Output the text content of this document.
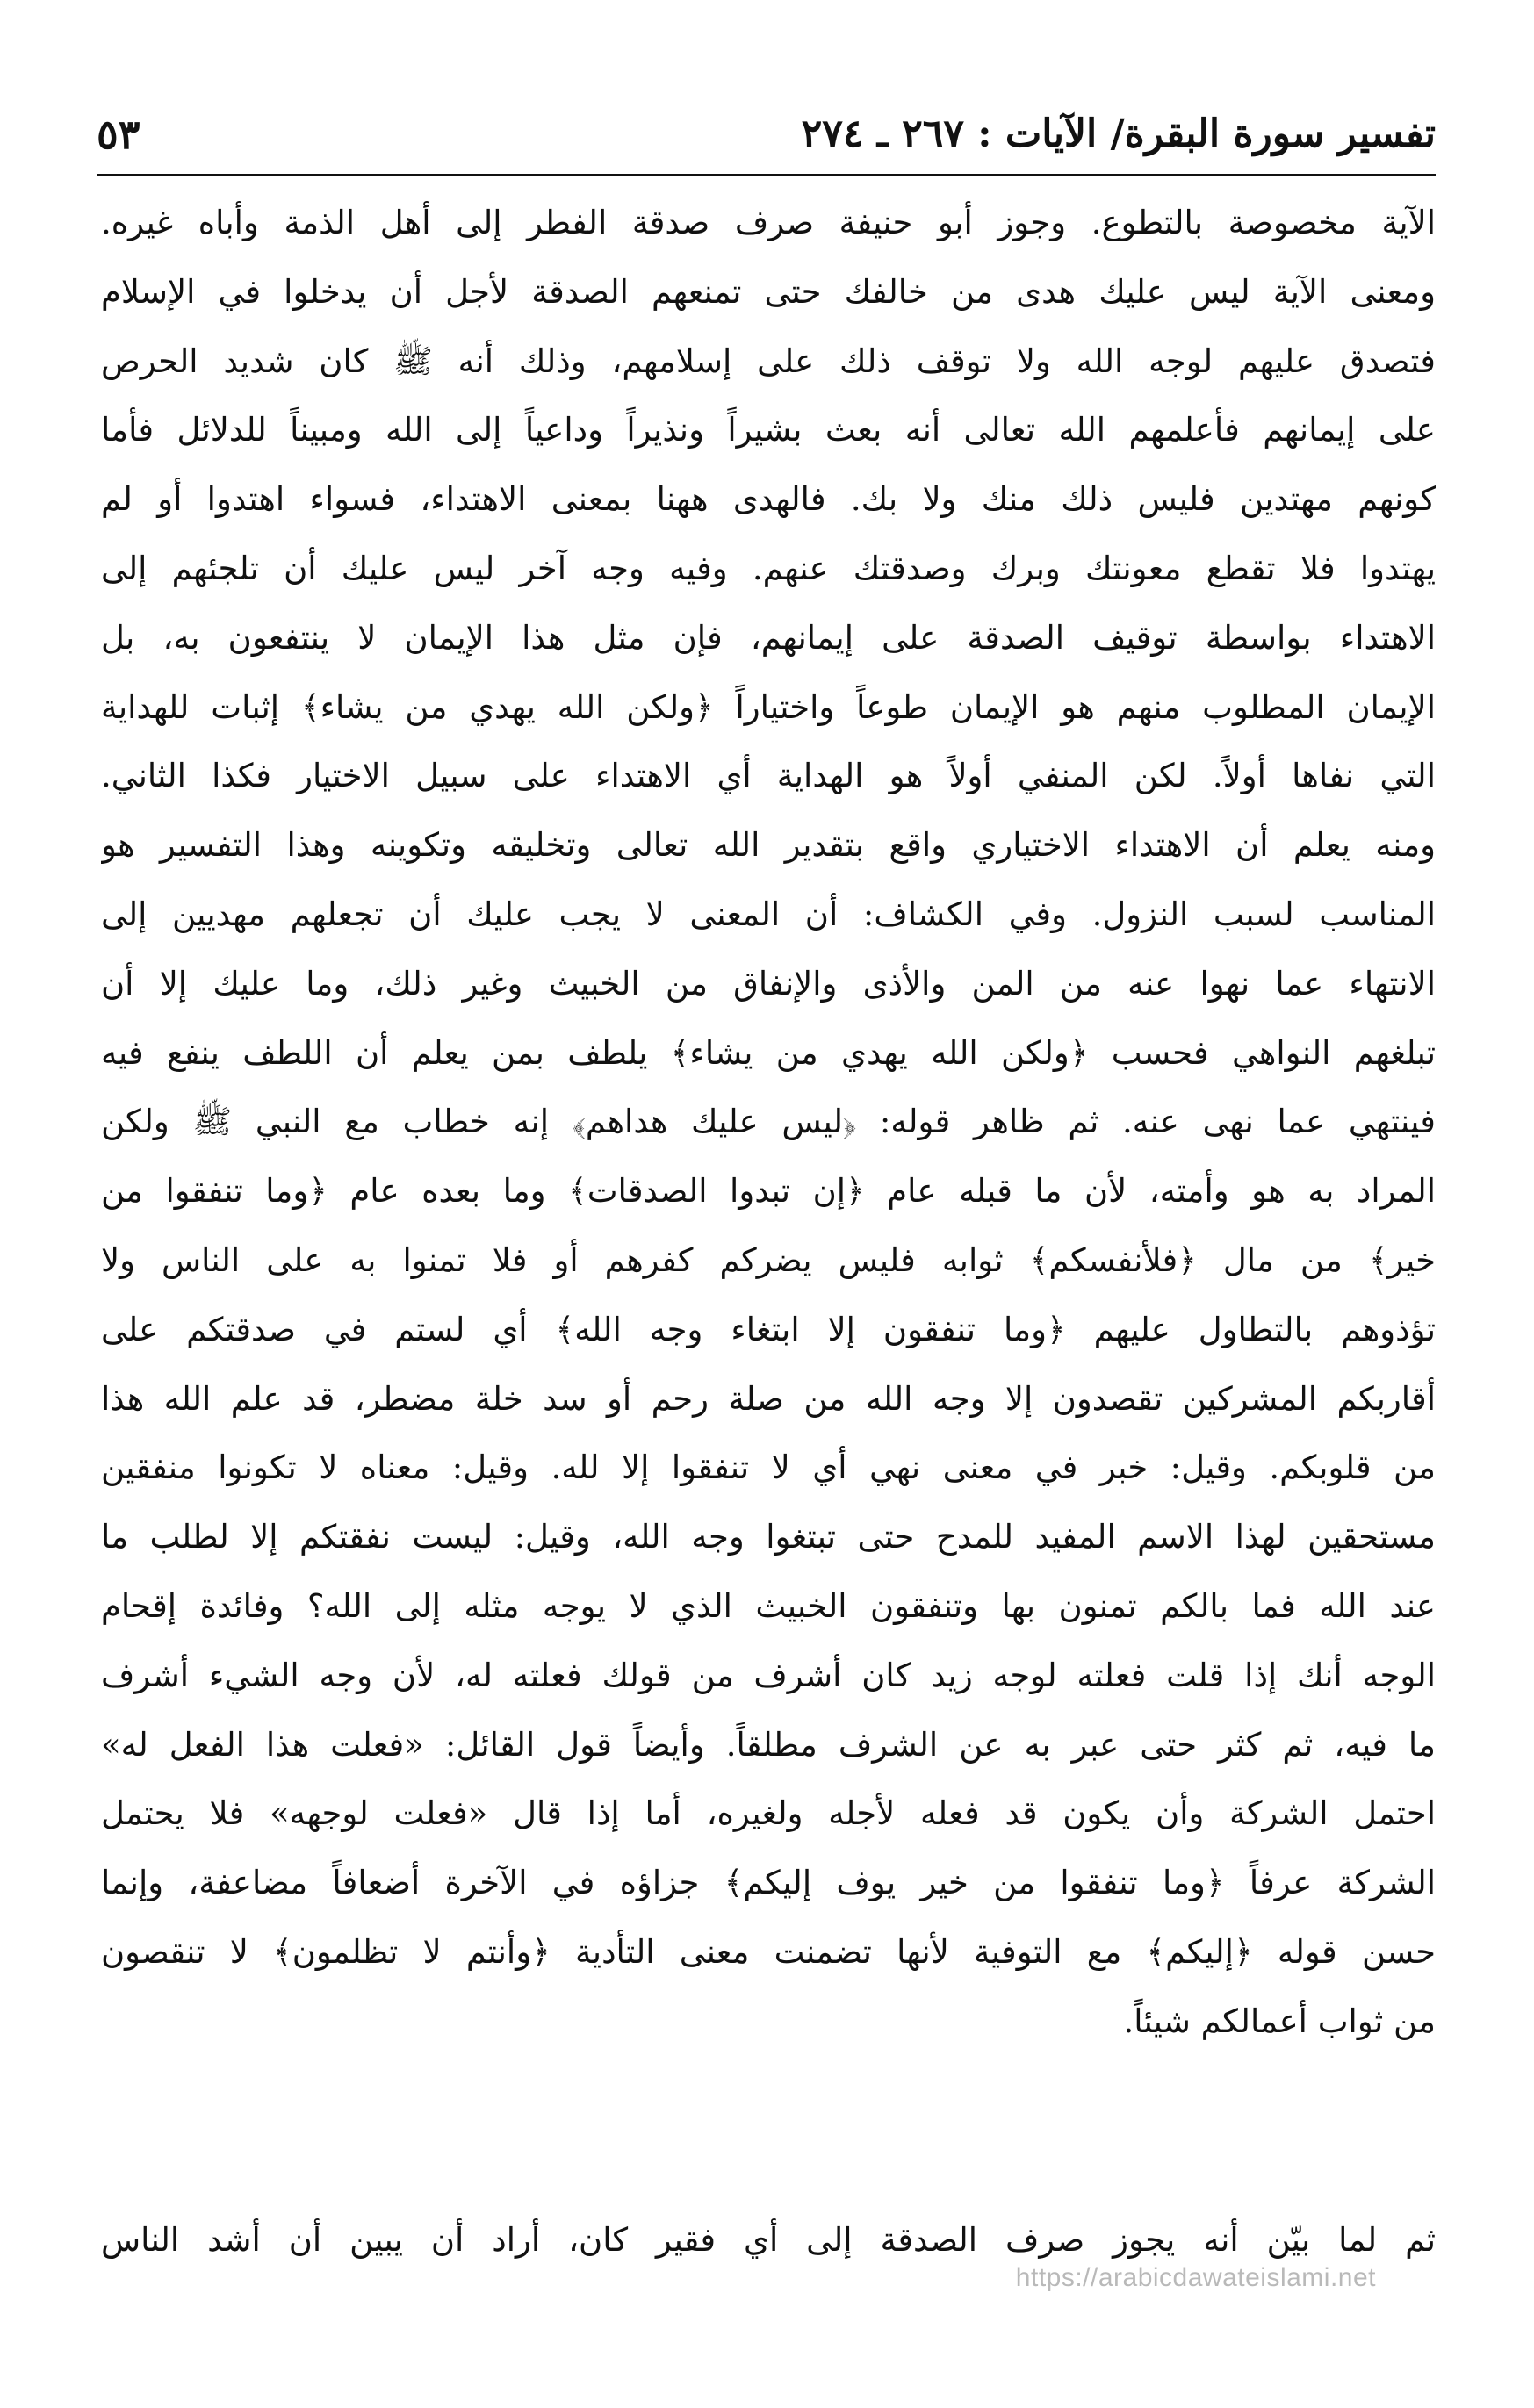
تفسير سورة البقرة/ الآيات : ٢٦٧ ـ ٢٧٤
٥٣
الآية مخصوصة بالتطوع. وجوز أبو حنيفة صرف صدقة الفطر إلى أهل الذمة وأباه غيره.
ومعنى الآية ليس عليك هدى من خالفك حتى تمنعهم الصدقة لأجل أن يدخلوا في الإسلام
فتصدق عليهم لوجه الله ولا توقف ذلك على إسلامهم، وذلك أنه ﷺ كان شديد الحرص
على إيمانهم فأعلمهم الله تعالى أنه بعث بشيراً ونذيراً وداعياً إلى الله ومبيناً للدلائل فأما
كونهم مهتدين فليس ذلك منك ولا بك. فالهدى ههنا بمعنى الاهتداء، فسواء اهتدوا أو لم
يهتدوا فلا تقطع معونتك وبرك وصدقتك عنهم. وفيه وجه آخر ليس عليك أن تلجئهم إلى
الاهتداء بواسطة توقيف الصدقة على إيمانهم، فإن مثل هذا الإيمان لا ينتفعون به، بل
الإيمان المطلوب منهم هو الإيمان طوعاً واختياراً ﴿ولكن الله يهدي من يشاء﴾ إثبات للهداية
التي نفاها أولاً. لكن المنفي أولاً هو الهداية أي الاهتداء على سبيل الاختيار فكذا الثاني.
ومنه يعلم أن الاهتداء الاختياري واقع بتقدير الله تعالى وتخليقه وتكوينه وهذا التفسير هو
المناسب لسبب النزول. وفي الكشاف: أن المعنى لا يجب عليك أن تجعلهم مهديين إلى
الانتهاء عما نهوا عنه من المن والأذى والإنفاق من الخبيث وغير ذلك، وما عليك إلا أن
تبلغهم النواهي فحسب ﴿ولكن الله يهدي من يشاء﴾ يلطف بمن يعلم أن اللطف ينفع فيه
فينتهي عما نهى عنه. ثم ظاهر قوله: ﴿ليس عليك هداهم﴾ إنه خطاب مع النبي ﷺ ولكن
المراد به هو وأمته، لأن ما قبله عام ﴿إن تبدوا الصدقات﴾ وما بعده عام ﴿وما تنفقوا من
خير﴾ من مال ﴿فلأنفسكم﴾ ثوابه فليس يضركم كفرهم أو فلا تمنوا به على الناس ولا
تؤذوهم بالتطاول عليهم ﴿وما تنفقون إلا ابتغاء وجه الله﴾ أي لستم في صدقتكم على
أقاربكم المشركين تقصدون إلا وجه الله من صلة رحم أو سد خلة مضطر، قد علم الله هذا
من قلوبكم. وقيل: خبر في معنى نهي أي لا تنفقوا إلا لله. وقيل: معناه لا تكونوا منفقين
مستحقين لهذا الاسم المفيد للمدح حتى تبتغوا وجه الله، وقيل: ليست نفقتكم إلا لطلب ما
عند الله فما بالكم تمنون بها وتنفقون الخبيث الذي لا يوجه مثله إلى الله؟ وفائدة إقحام
الوجه أنك إذا قلت فعلته لوجه زيد كان أشرف من قولك فعلته له، لأن وجه الشيء أشرف
ما فيه، ثم كثر حتى عبر به عن الشرف مطلقاً. وأيضاً قول القائل: «فعلت هذا الفعل له»
احتمل الشركة وأن يكون قد فعله لأجله ولغيره، أما إذا قال «فعلت لوجهه» فلا يحتمل
الشركة عرفاً ﴿وما تنفقوا من خير يوف إليكم﴾ جزاؤه في الآخرة أضعافاً مضاعفة، وإنما
حسن قوله ﴿إليكم﴾ مع التوفية لأنها تضمنت معنى التأدية ﴿وأنتم لا تظلمون﴾ لا تنقصون
من ثواب أعمالكم شيئاً.
ثم لما بيّن أنه يجوز صرف الصدقة إلى أي فقير كان، أراد أن يبين أن أشد الناس
https://arabicdawateislami.net
